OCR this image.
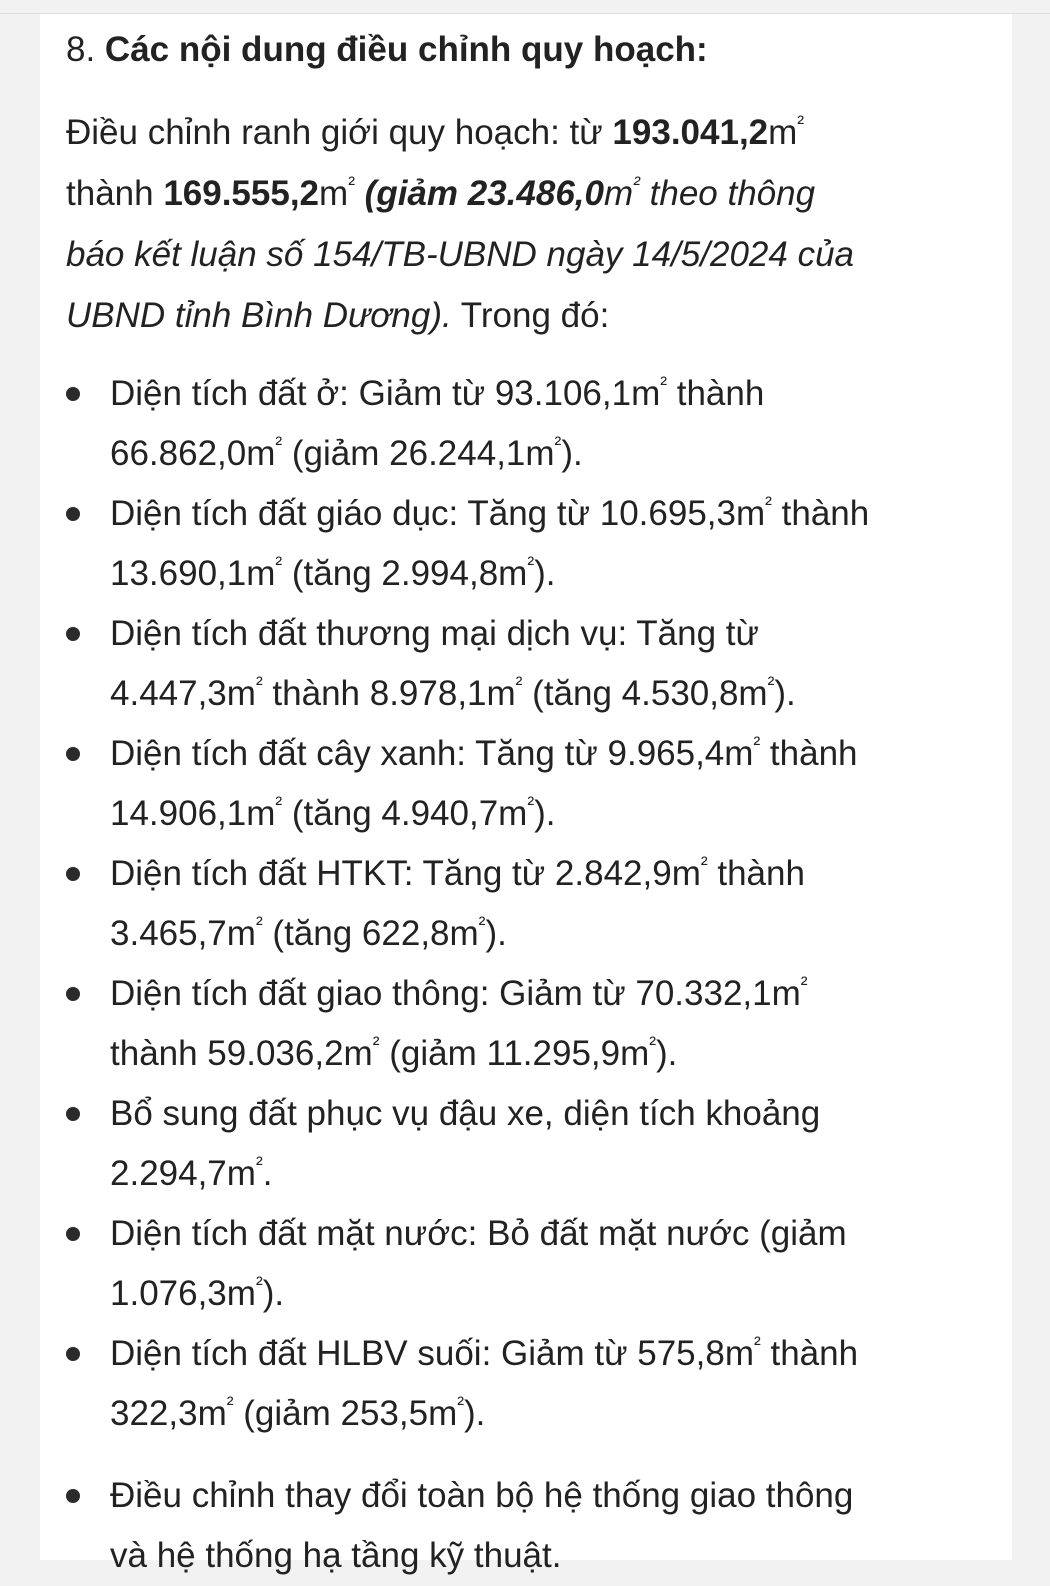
8. Các nội dung điều chỉnh quy hoạch:

Điều chỉnh ranh giới quy hoạch: từ $193.041,2m^{^2}$
thành $169.555,2m^{^2}$ (giảm $23.486,0m^{^2}$ theo thông
báo kết luận số 154/TB-UBND ngày 14/5/2024 của
UBND tỉnh Bình Dương). Trong đó:

Diện tích đất ở: Giảm từ $93.106,1m^{^2}$ thành
$66.862,0m^{^2}$ (giảm $26.244,1m^{^2}$).
Diện tích đất giáo dục: Tăng từ $10.695,3m^{^2}$ thành
$13.690,1m^{^2}$ (tăng $2.994,8m^{^2}$).
Diện tích đất thương mại dịch vụ: Tăng từ
$4.447,3m^{^2}$ thành $8.978,1m^{^2}$ (tăng $4.530,8m^{^2}$).
Diện tích đất cây xanh: Tăng từ $9.965,4m^{^2}$ thành
$14.906,1m^{^2}$ (tăng $4.940,7m^{^2}$).
Diện tích đất HTKT: Tăng từ $2.842,9m^{^2}$ thành
$3.465,7m^{^2}$ (tăng $622,8m^{^2}$).
Diện tích đất giao thông: Giảm từ $70.332,1m^{^2}$
thành $59.036,2m^{^2}$ (giảm $11.295,9m^{^2}$).
Bổ sung đất phục vụ đậu xe, diện tích khoảng
$2.294,7m^{^2}$.
Diện tích đất mặt nước: Bỏ đất mặt nước (giảm
$1.076,3m^{^2}$).
Diện tích đất HLBV suối: Giảm từ $575,8m^{^2}$ thành
$322,3m^{^2}$ (giảm $253,5m^{^2}$).
Điều chỉnh thay đổi toàn bộ hệ thống giao thông
và hệ thống hạ tầng kỹ thuật.
